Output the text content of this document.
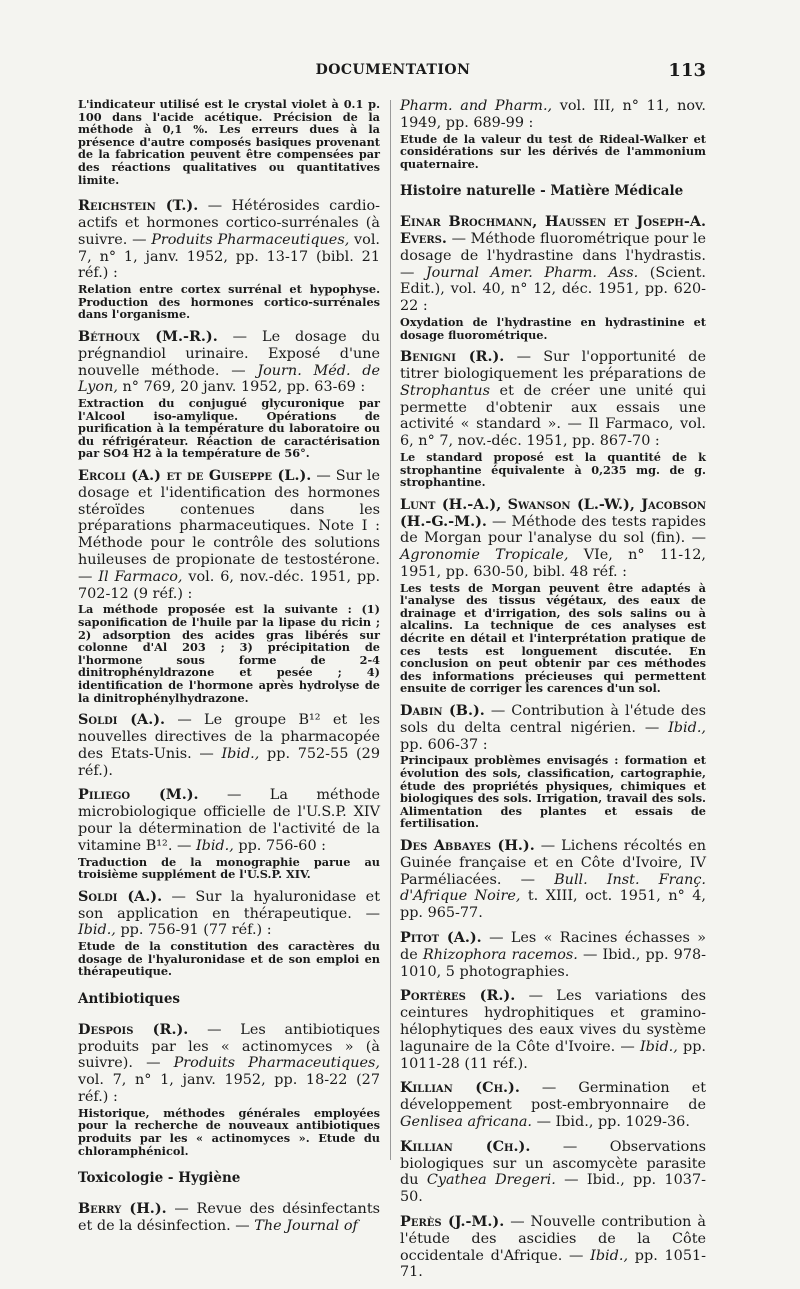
DOCUMENTATION	113
L'indicateur utilisé est le crystal violet à 0.1 p. 100 dans l'acide acétique. Précision de la méthode à 0,1 %. Les erreurs dues à la présence d'autre composés basiques provenant de la fabrication peuvent être compensées par des réactions qualitatives ou quantitatives limite.
Reichstein (T.). — Hétérosides cardio-actifs et hormones cortico-surrénales (à suivre. — Produits Pharmaceutiques, vol. 7, n° 1, janv. 1952, pp. 13-17 (bibl. 21 réf.) :
Relation entre cortex surrénal et hypophyse. Production des hormones cortico-surrénales dans l'organisme.
Béthoux (M.-R.). — Le dosage du prégnandiol urinaire. Exposé d'une nouvelle méthode. — Journ. Méd. de Lyon, n° 769, 20 janv. 1952, pp. 63-69 :
Extraction du conjugué glycuronique par l'Alcool iso-amylique. Opérations de purification à la température du laboratoire ou du réfrigérateur. Réaction de caractérisation par SO4 H2 à la température de 56°.
Ercoli (A.) et de Guiseppe (L.). — Sur le dosage et l'identification des hormones stéroïdes contenues dans les préparations pharmaceutiques. Note I : Méthode pour le contrôle des solutions huileuses de propionate de testostérone. — Il Farmaco, vol. 6, nov.-déc. 1951, pp. 702-12 (9 réf.) :
La méthode proposée est la suivante : (1) saponification de l'huile par la lipase du ricin ; 2) adsorption des acides gras libérés sur colonne d'Al 203 ; 3) précipitation de l'hormone sous forme de 2-4 dinitrophényldrazone et pesée ; 4) identification de l'hormone après hydrolyse de la dinitrophénylhydrazone.
Soldi (A.). — Le groupe B¹² et les nouvelles directives de la pharmacopée des Etats-Unis. — Ibid., pp. 752-55 (29 réf.).
Piliego (M.). — La méthode microbiologique officielle de l'U.S.P. XIV pour la détermination de l'activité de la vitamine B¹². — Ibid., pp. 756-60 :
Traduction de la monographie parue au troisième supplément de l'U.S.P. XIV.
Soldi (A.). — Sur la hyaluronidase et son application en thérapeutique. — Ibid., pp. 756-91 (77 réf.) :
Etude de la constitution des caractères du dosage de l'hyaluronidase et de son emploi en thérapeutique.
Antibiotiques
Despois (R.). — Les antibiotiques produits par les « actinomyces » (à suivre). — Produits Pharmaceutiques, vol. 7, n° 1, janv. 1952, pp. 18-22 (27 réf.) :
Historique, méthodes générales employées pour la recherche de nouveaux antibiotiques produits par les « actinomyces ». Etude du chloramphénicol.
Toxicologie - Hygiène
Berry (H.). — Revue des désinfectants et de la désinfection. — The Journal of
Pharm. and Pharm., vol. III, n° 11, nov. 1949, pp. 689-99 :
Etude de la valeur du test de Rideal-Walker et considérations sur les dérivés de l'ammonium quaternaire.
Histoire naturelle - Matière Médicale
Einar Brochmann, Haussen et Joseph-A. Evers. — Méthode fluorométrique pour le dosage de l'hydrastine dans l'hydrastis. — Journal Amer. Pharm. Ass. (Scient. Edit.), vol. 40, n° 12, déc. 1951, pp. 620-22 :
Oxydation de l'hydrastine en hydrastinine et dosage fluorométrique.
Benigni (R.). — Sur l'opportunité de titrer biologiquement les préparations de Strophantus et de créer une unité qui permette d'obtenir aux essais une activité « standard ». — Il Farmaco, vol. 6, n° 7, nov.-déc. 1951, pp. 867-70 :
Le standard proposé est la quantité de k strophantine équivalente à 0,235 mg. de g. strophantine.
Lunt (H.-A.), Swanson (L.-W.), Jacobson (H.-G.-M.). — Méthode des tests rapides de Morgan pour l'analyse du sol (fin). — Agronomie Tropicale, VIe, n° 11-12, 1951, pp. 630-50, bibl. 48 réf. :
Les tests de Morgan peuvent être adaptés à l'analyse des tissus végétaux, des eaux de drainage et d'irrigation, des sols salins ou à alcalins. La technique de ces analyses est décrite en détail et l'interprétation pratique de ces tests est longuement discutée. En conclusion on peut obtenir par ces méthodes des informations précieuses qui permettent ensuite de corriger les carences d'un sol.
Dabin (B.). — Contribution à l'étude des sols du delta central nigérien. — Ibid., pp. 606-37 :
Principaux problèmes envisagés : formation et évolution des sols, classification, cartographie, étude des propriétés physiques, chimiques et biologiques des sols. Irrigation, travail des sols. Alimentation des plantes et essais de fertilisation.
Des Abbayes (H.). — Lichens récoltés en Guinée française et en Côte d'Ivoire, IV Parméliacées. — Bull. Inst. Franç. d'Afrique Noire, t. XIII, oct. 1951, n° 4, pp. 965-77.
Pitot (A.). — Les « Racines échasses » de Rhizophora racemos. — Ibid., pp. 978-1010, 5 photographies.
Portères (R.). — Les variations des ceintures hydrophitiques et gramino-hélophytiques des eaux vives du système lagunaire de la Côte d'Ivoire. — Ibid., pp. 1011-28 (11 réf.).
Killian (Ch.). — Germination et développement post-embryonnaire de Genlisea africana. — Ibid., pp. 1029-36.
Killian (Ch.). — Observations biologiques sur un ascomycète parasite du Cyathea Dregeri. — Ibid., pp. 1037-50.
Perès (J.-M.). — Nouvelle contribution à l'étude des ascidies de la Côte occidentale d'Afrique. — Ibid., pp. 1051-71.
